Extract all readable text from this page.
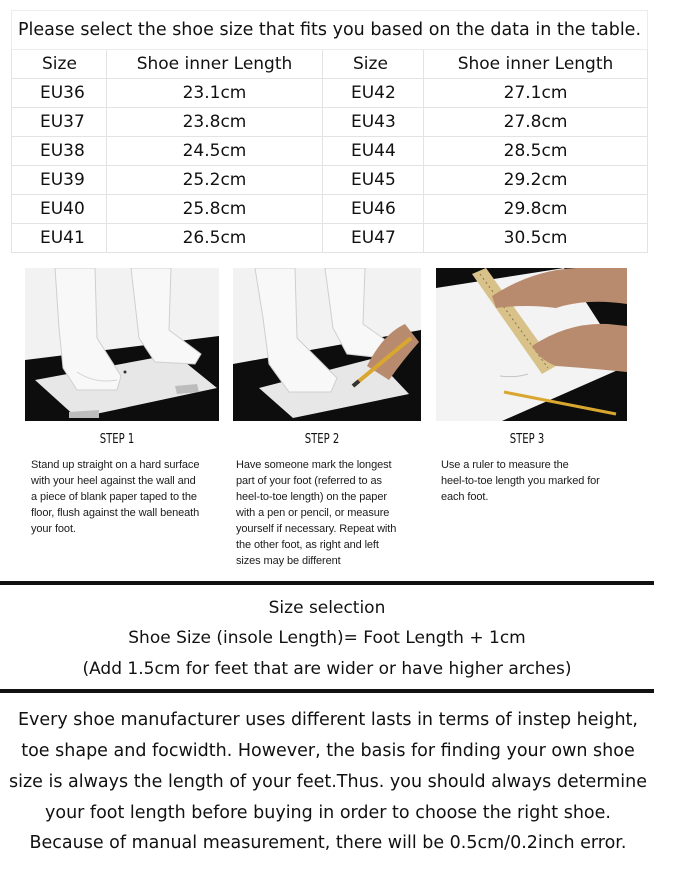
Please select the shoe size that fits you based on the data in the table.			
Size	Shoe inner Length	Size	Shoe inner Length
EU36	23.1cm	EU42	27.1cm
EU37	23.8cm	EU43	27.8cm
EU38	24.5cm	EU44	28.5cm
EU39	25.2cm	EU45	29.2cm
EU40	25.8cm	EU46	29.8cm
EU41	26.5cm	EU47	30.5cm
STEP 1	STEP 2	STEP 3
Stand up straight on a hard surface
with your heel against the wall and
a piece of blank paper taped to the
floor, flush against the wall beneath
your foot.
Have someone mark the longest
part of your foot (referred to as
heel-to-toe length) on the paper
with a pen or pencil, or measure
yourself if necessary. Repeat with
the other foot, as right and left
sizes may be different
Use a ruler to measure the
heel-to-toe length you marked for
each foot.
Size selection
Shoe Size (insole Length)= Foot Length + 1cm
(Add 1.5cm for feet that are wider or have higher arches)
Every shoe manufacturer uses different lasts in terms of instep height,
toe shape and focwidth. However, the basis for finding your own shoe
size is always the length of your feet.Thus. you should always determine
your foot length before buying in order to choose the right shoe.
Because of manual measurement, there will be 0.5cm/0.2inch error.
